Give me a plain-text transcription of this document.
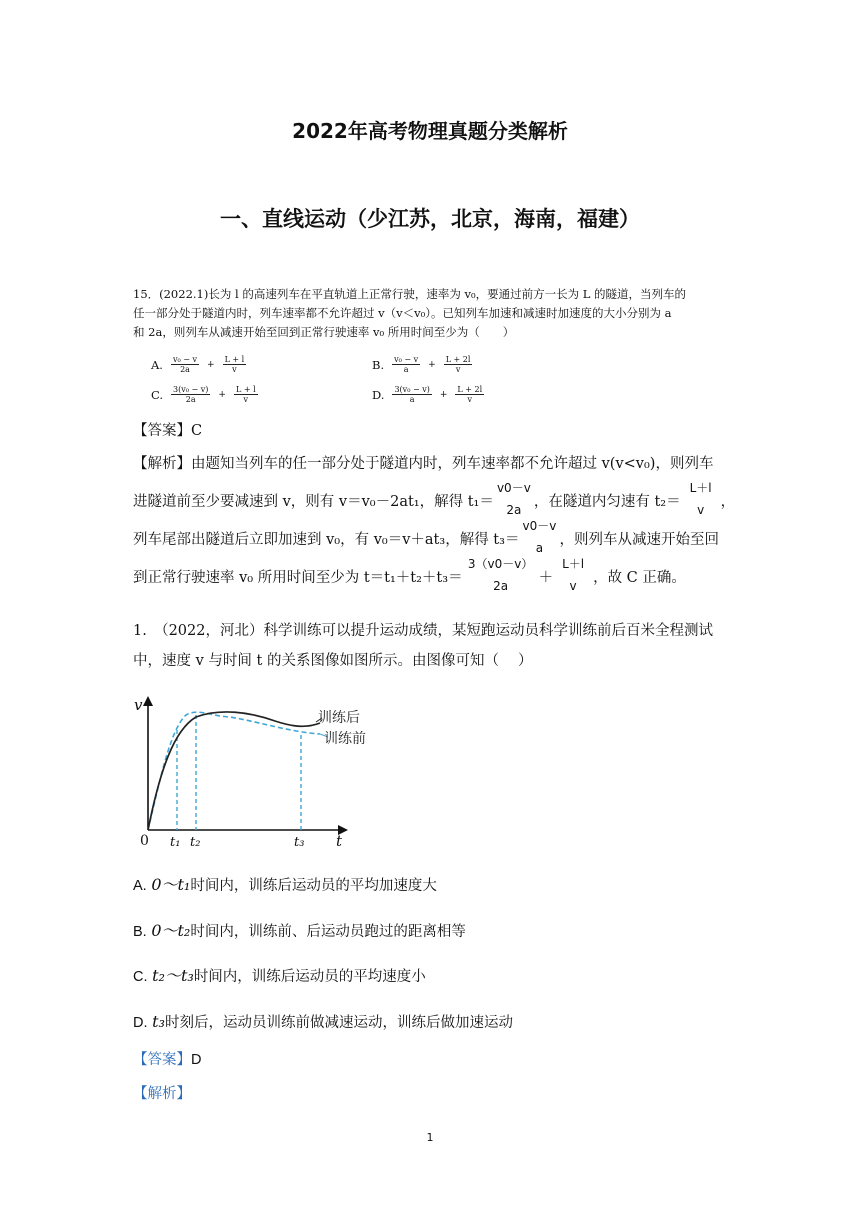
2022年高考物理真题分类解析
一、直线运动（少江苏，北京，海南，福建）
15．(2022.1)长为 l 的高速列车在平直轨道上正常行驶，速率为 v₀，要通过前方一长为 L 的隧道，当列车的
任一部分处于隧道内时，列车速率都不允许超过 v（v＜v₀）。已知列车加速和减速时加速度的大小分别为 a
和 2a，则列车从减速开始至回到正常行驶速率 v₀ 所用时间至少为（　　）
A. $\frac{\text{v₀ − v}}{2a} + \frac{L + l}{v}$	B. $\frac{\text{v₀ − v}}{a} + \frac{L + 2l}{v}$
C. $\frac{\text{3(v₀ − v)}}{2a} + \frac{L + l}{v}$	D. $\frac{\text{3(v₀ − v)}}{a} + \frac{L + 2l}{v}$
【答案】C
【解析】由题知当列车的任一部分处于隧道内时，列车速率都不允许超过 v(v<v₀)，则列车
进隧道前至少要减速到 v，则有 v＝v₀－2at₁，解得 t₁＝
v0－v
2a ，在隧道内匀速有 t₂＝
L＋l
v	，
列车尾部出隧道后立即加速到 v₀，有 v₀＝v＋at₃，解得 t₃＝
v0－v
a	，则列车从减速开始至回
到正常行驶速率 v₀ 所用时间至少为 t＝t₁＋t₂＋t₃＝
3（v0－v）
2a	＋
L＋l
v	，故 C 正确。
1.　（2022，河北）科学训练可以提升运动成绩，某短跑运动员科学训练前后百米全程测试
中，速度 v 与时间 t 的关系图像如图所示。由图像可知（　 ）
v
t
0
训练后
训练前
t₁ t₂	t₃
A. 0～t₁时间内，训练后运动员的平均加速度大
B. 0～t₂时间内，训练前、后运动员跑过的距离相等
C. t₂～t₃时间内，训练后运动员的平均速度小
D. t₃时刻后，运动员训练前做减速运动，训练后做加速运动
【答案】D
【解析】
1
